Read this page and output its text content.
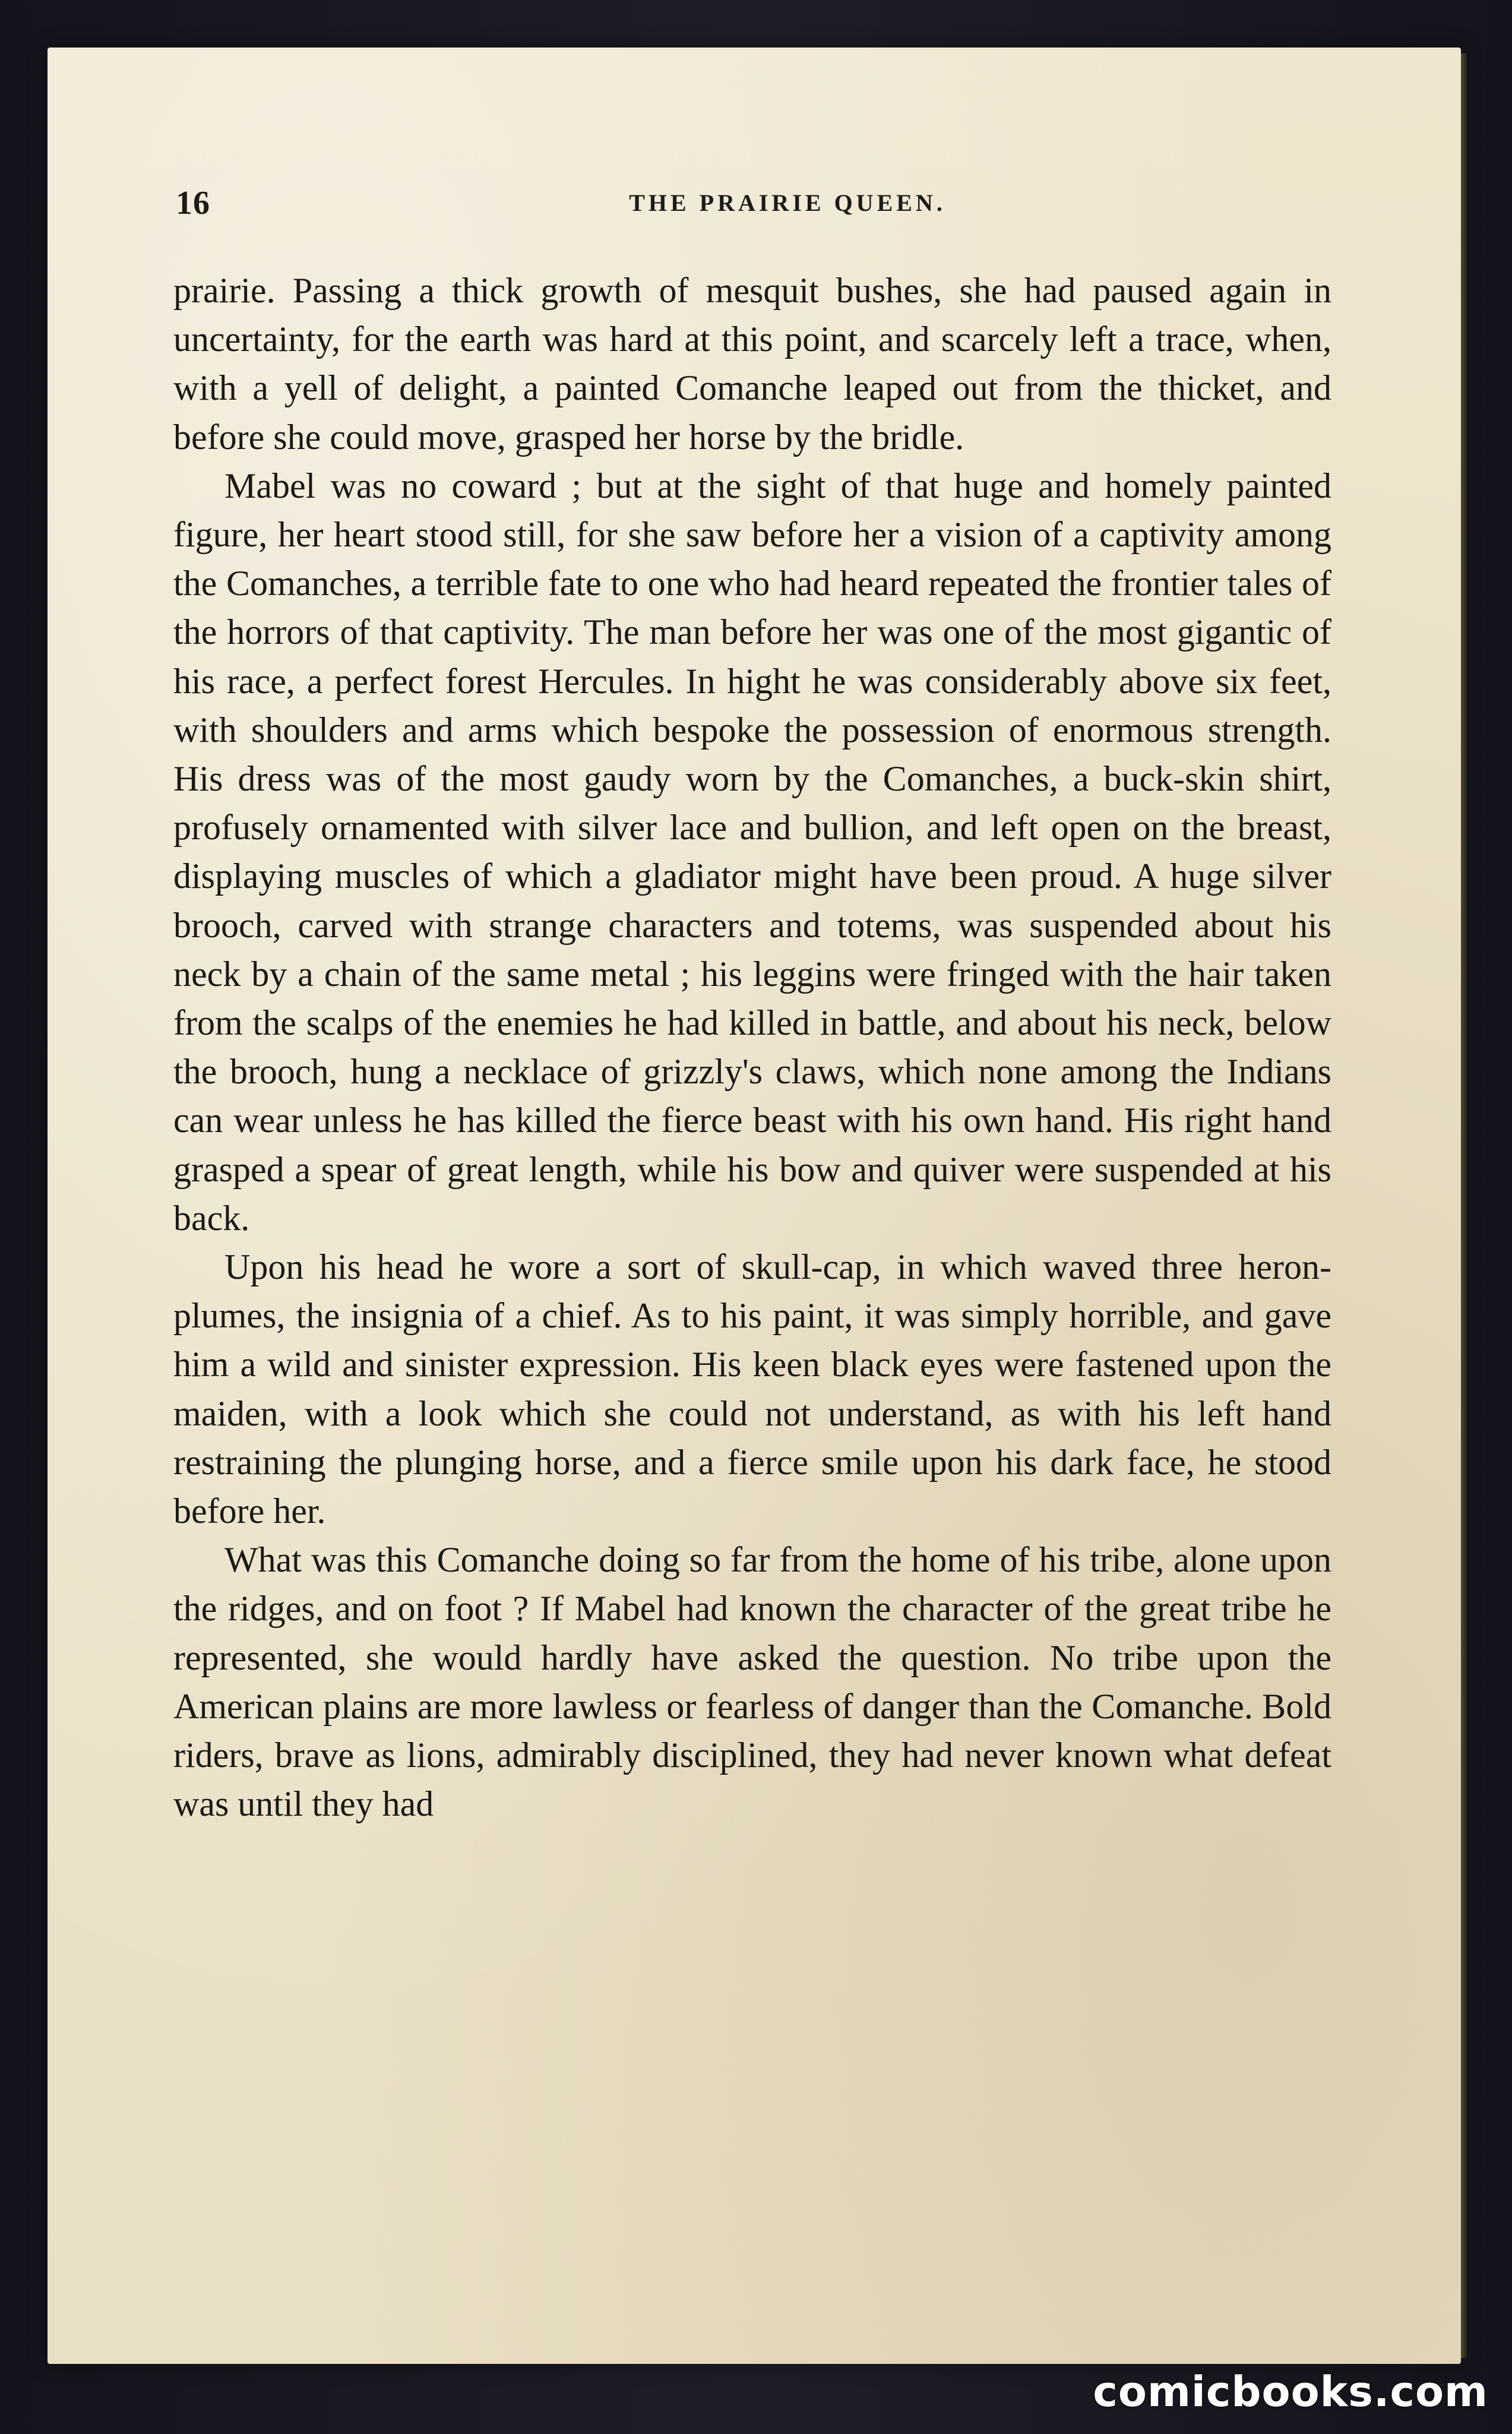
16	THE PRAIRIE QUEEN.

prairie. Passing a thick growth of mesquit bushes, she had paused again in uncertainty, for the earth was hard at this point, and scarcely left a trace, when, with a yell of delight, a painted Comanche leaped out from the thicket, and before she could move, grasped her horse by the bridle.

Mabel was no coward ; but at the sight of that huge and homely painted figure, her heart stood still, for she saw before her a vision of a captivity among the Comanches, a terrible fate to one who had heard repeated the frontier tales of the horrors of that captivity. The man before her was one of the most gigantic of his race, a perfect forest Hercules. In hight he was considerably above six feet, with shoulders and arms which bespoke the possession of enormous strength. His dress was of the most gaudy worn by the Comanches, a buck-skin shirt, profusely ornamented with silver lace and bullion, and left open on the breast, displaying muscles of which a gladiator might have been proud. A huge silver brooch, carved with strange characters and totems, was suspended about his neck by a chain of the same metal ; his leggins were fringed with the hair taken from the scalps of the enemies he had killed in battle, and about his neck, below the brooch, hung a necklace of grizzly's claws, which none among the Indians can wear unless he has killed the fierce beast with his own hand. His right hand grasped a spear of great length, while his bow and quiver were suspended at his back.

Upon his head he wore a sort of skull-cap, in which waved three heron-plumes, the insignia of a chief. As to his paint, it was simply horrible, and gave him a wild and sinister expression. His keen black eyes were fastened upon the maiden, with a look which she could not understand, as with his left hand restraining the plunging horse, and a fierce smile upon his dark face, he stood before her.

What was this Comanche doing so far from the home of his tribe, alone upon the ridges, and on foot ? If Mabel had known the character of the great tribe he represented, she would hardly have asked the question. No tribe upon the American plains are more lawless or fearless of danger than the Comanche. Bold riders, brave as lions, admirably disciplined, they had never known what defeat was until they had

comicbooks.com
